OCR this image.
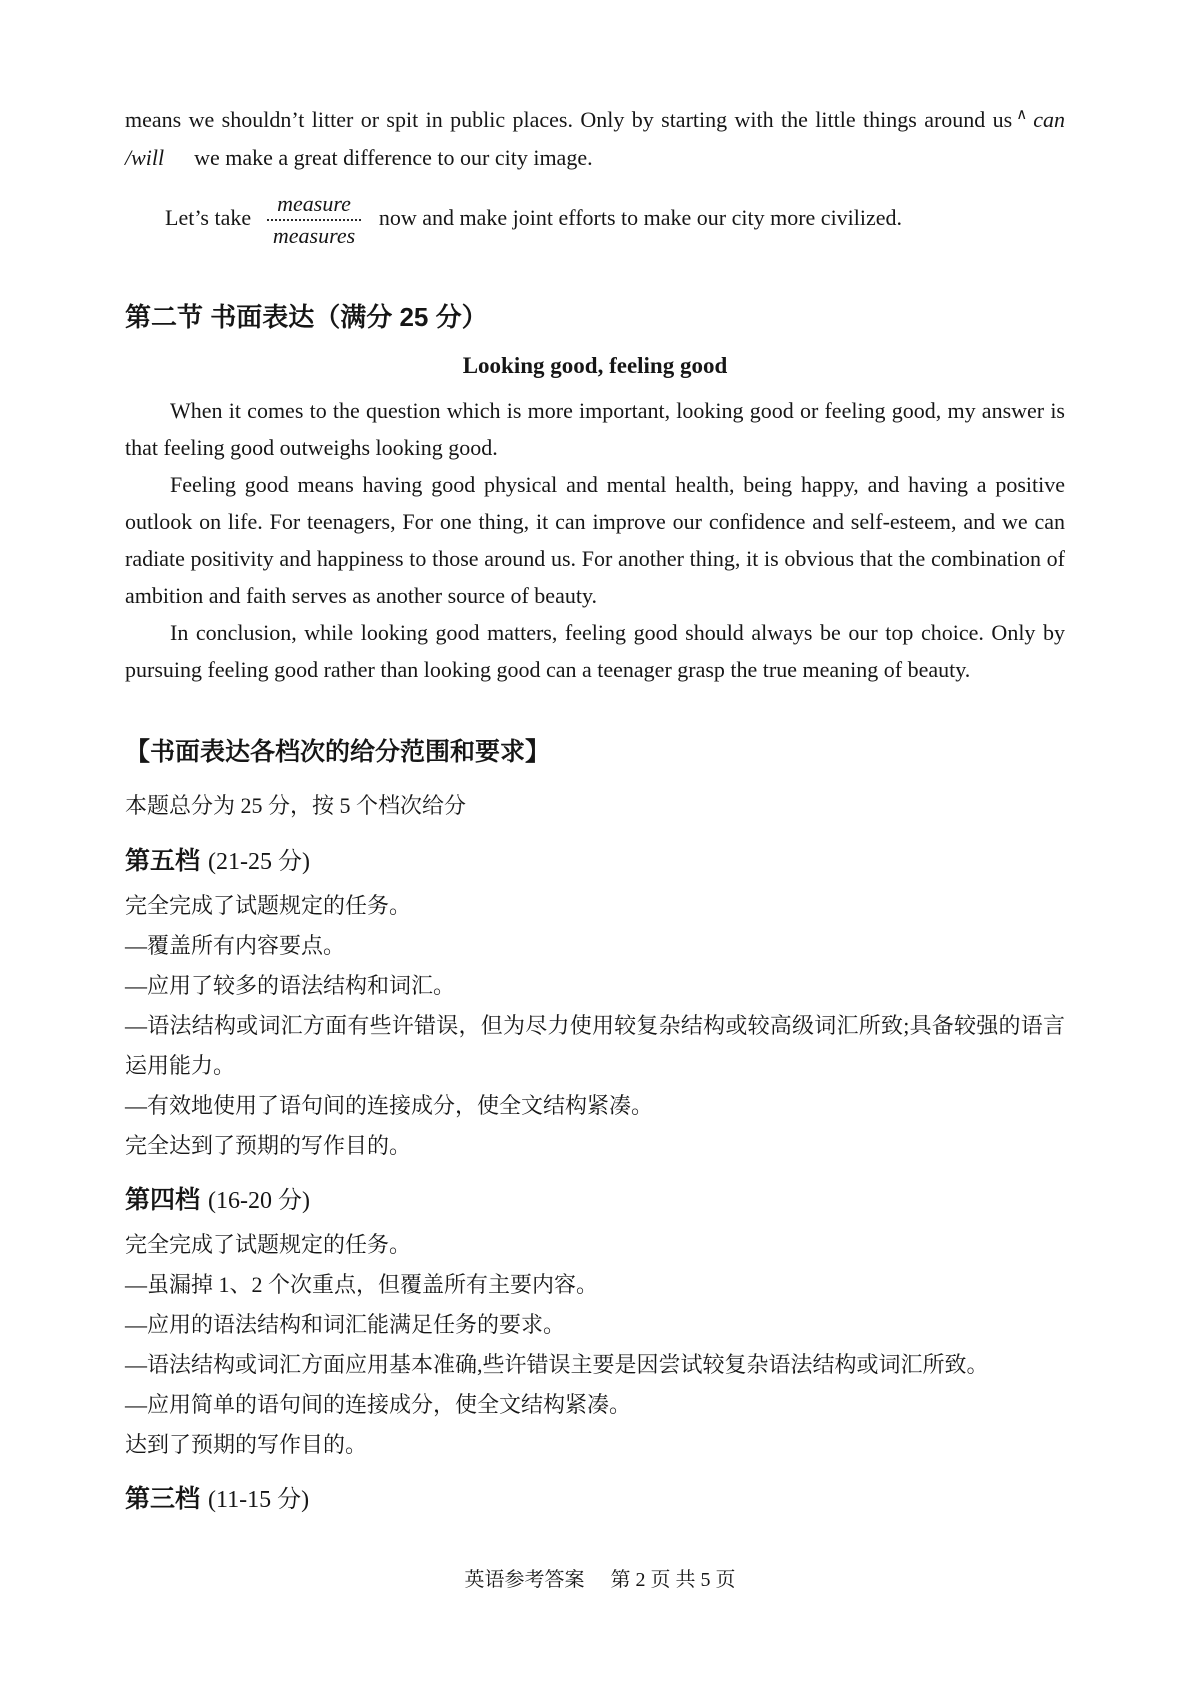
means we shouldn’t litter or spit in public places. Only by starting with the little things around us ∧ can /will we make a great difference to our city image.

Let’s take $\frac{\text{measure}}{\text{measures}}$ now and make joint efforts to make our city more civilized.

第二节 书面表达（满分 25 分）

Looking good, feeling good

When it comes to the question which is more important, looking good or feeling good, my answer is that feeling good outweighs looking good.

Feeling good means having good physical and mental health, being happy, and having a positive outlook on life. For teenagers, For one thing, it can improve our confidence and self-esteem, and we can radiate positivity and happiness to those around us. For another thing, it is obvious that the combination of ambition and faith serves as another source of beauty.

In conclusion, while looking good matters, feeling good should always be our top choice. Only by pursuing feeling good rather than looking good can a teenager grasp the true meaning of beauty.

【书面表达各档次的给分范围和要求】

本题总分为 25 分，按 5 个档次给分

第五档 (21-25 分)

完全完成了试题规定的任务。

—覆盖所有内容要点。

—应用了较多的语法结构和词汇。

—语法结构或词汇方面有些许错误，但为尽力使用较复杂结构或较高级词汇所致;具备较强的语言运用能力。

—有效地使用了语句间的连接成分，使全文结构紧凑。

完全达到了预期的写作目的。

第四档 (16-20 分)

完全完成了试题规定的任务。

—虽漏掉 1、2 个次重点，但覆盖所有主要内容。

—应用的语法结构和词汇能满足任务的要求。

—语法结构或词汇方面应用基本准确,些许错误主要是因尝试较复杂语法结构或词汇所致。

—应用简单的语句间的连接成分，使全文结构紧凑。

达到了预期的写作目的。

第三档 (11-15 分)
英语参考答案 第 2 页 共 5 页
